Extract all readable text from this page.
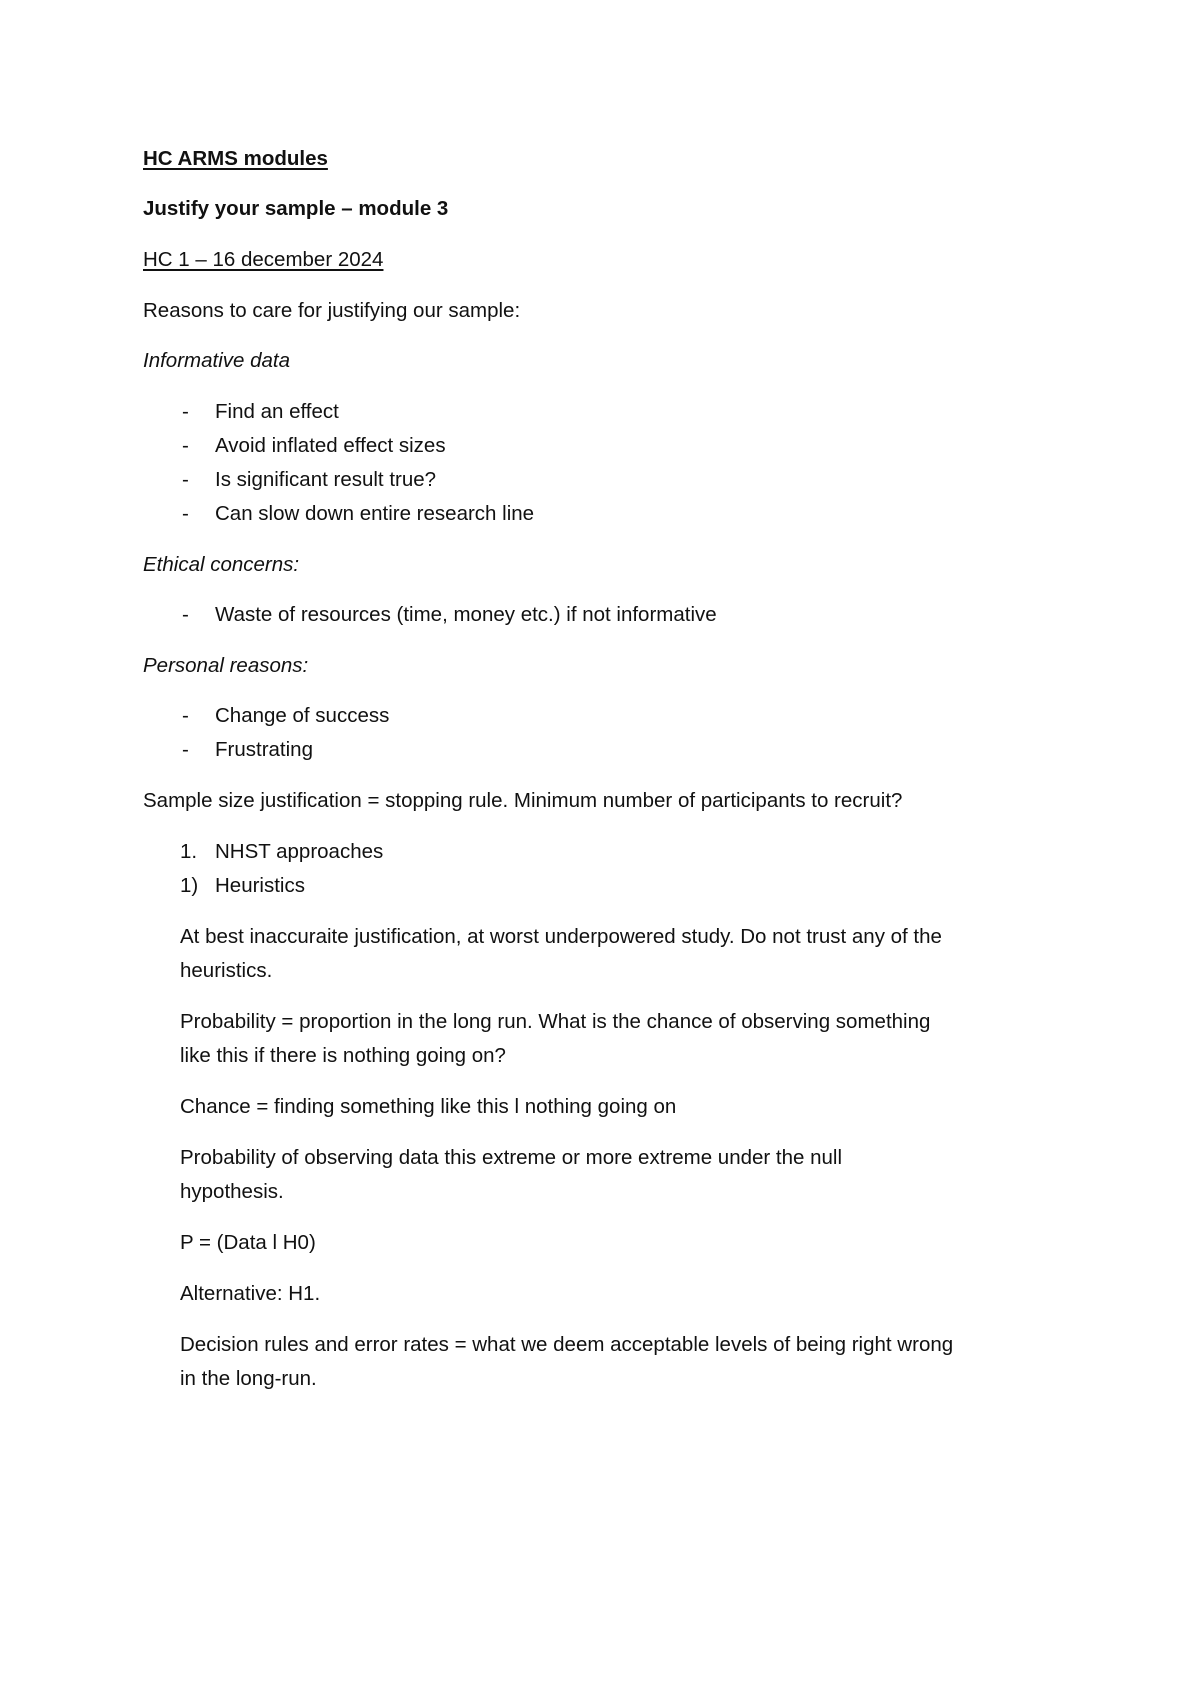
HC ARMS modules
Justify your sample – module 3
HC 1 – 16 december 2024
Reasons to care for justifying our sample:
Informative data
- Find an effect
- Avoid inflated effect sizes
- Is significant result true?
- Can slow down entire research line
Ethical concerns:
- Waste of resources (time, money etc.) if not informative
Personal reasons:
- Change of success
- Frustrating
Sample size justification = stopping rule. Minimum number of participants to recruit?
1. NHST approaches
1) Heuristics
At best inaccuraite justification, at worst underpowered study. Do not trust any of the
heuristics.
Probability = proportion in the long run. What is the chance of observing something
like this if there is nothing going on?
Chance = finding something like this l nothing going on
Probability of observing data this extreme or more extreme under the null
hypothesis.
P = (Data l H0)
Alternative: H1.
Decision rules and error rates = what we deem acceptable levels of being right wrong
in the long-run.
